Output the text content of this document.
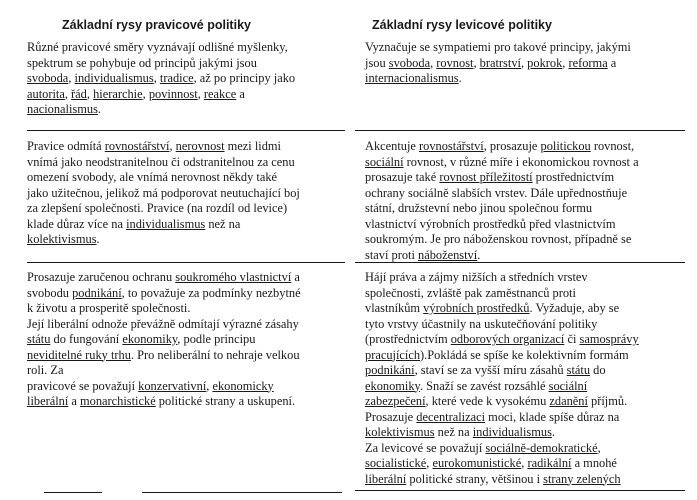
Základní rysy pravicové politiky	Základní rysy levicové politiky
Různé pravicové směry vyznávají odlišné myšlenky,
spektrum se pohybuje od principů jakými jsou
svoboda, individualismus, tradice, až po principy jako
autorita, řád, hierarchie, povinnost, reakce a
nacionalismus.
Vyznačuje se sympatiemi pro takové principy, jakými
jsou svoboda, rovnost, bratrství, pokrok, reforma a
internacionalismus.
Pravice odmítá rovnostářství, nerovnost mezi lidmi
vnímá jako neodstranitelnou či odstranitelnou za cenu
omezení svobody, ale vnímá nerovnost někdy také
jako užitečnou, jelikož má podporovat neutuchající boj
za zlepšení společnosti. Pravice (na rozdíl od levice)
klade důraz více na individualismus než na
kolektivismus.
Akcentuje rovnostářství, prosazuje politickou rovnost,
sociální rovnost, v různé míře i ekonomickou rovnost a
prosazuje také rovnost příležitostí prostřednictvím
ochrany sociálně slabších vrstev. Dále upřednostňuje
státní, družstevní nebo jinou společnou formu
vlastnictví výrobních prostředků před vlastnictvím
soukromým. Je pro náboženskou rovnost, případně se
staví proti náboženství.
Prosazuje zaručenou ochranu soukromého vlastnictví a
svobodu podnikání, to považuje za podmínky nezbytné
k životu a prosperitě společnosti.
Její liberální odnože převážně odmítají výrazné zásahy
státu do fungování ekonomiky, podle principu
neviditelné ruky trhu. Pro neliberální to nehraje velkou
roli. Za
pravicové se považují konzervativní, ekonomicky
liberální a monarchistické politické strany a uskupení.
Hájí práva a zájmy nižších a středních vrstev
společnosti, zvláště pak zaměstnanců proti
vlastníkům výrobních prostředků. Vyžaduje, aby se
tyto vrstvy účastnily na uskutečňování politiky
(prostřednictvím odborových organizací či samosprávy
pracujících).Pokládá se spíše ke kolektivním formám
podnikání, staví se za vyšší míru zásahů státu do
ekonomiky. Snaží se zavést rozsáhlé sociální
zabezpečení, které vede k vysokému zdanění příjmů.
Prosazuje decentralizaci moci, klade spíše důraz na
kolektivismus než na individualismus.
Za levicové se považují sociálně-demokratické,
socialistické, eurokomunistické, radikální a mnohé
liberální politické strany, většinou i strany zelených
